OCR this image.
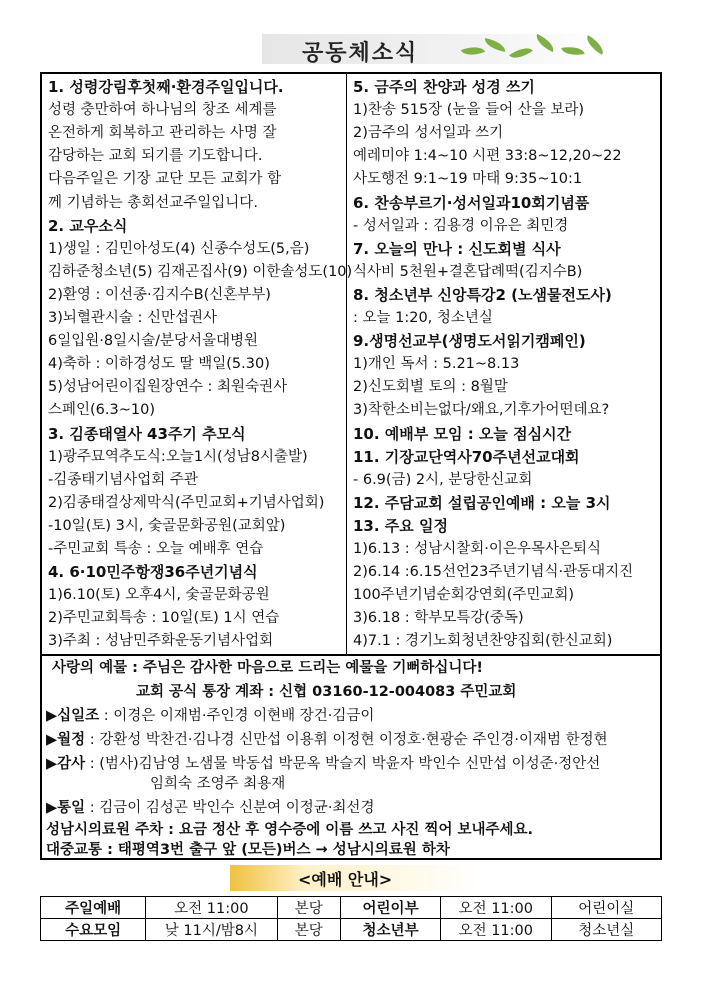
공동체소식
1. 성령강림후첫째·환경주일입니다.
성령 충만하여 하나님의 창조 세계를
온전하게 회복하고 관리하는 사명 잘
감당하는 교회 되기를 기도합니다.
다음주일은 기장 교단 모든 교회가 함
께 기념하는 총회선교주일입니다.
2. 교우소식
1)생일 : 김민아성도(4) 신종수성도(5,음)
김하준청소년(5) 김재곤집사(9) 이한솔성도(10)
2)환영 : 이선종·김지수B(신혼부부)
3)뇌혈관시술 : 신만섭권사
6일입원·8일시술/분당서울대병원
4)축하 : 이하경성도 딸 백일(5.30)
5)성남어린이집원장연수 : 최원숙권사
스페인(6.3~10)
3. 김종태열사 43주기 추모식
1)광주묘역추도식:오늘1시(성남8시출발)
-김종태기념사업회 주관
2)김종태걸상제막식(주민교회+기념사업회)
-10일(토) 3시, 숯골문화공원(교회앞)
-주민교회 특송 : 오늘 예배후 연습
4. 6·10민주항쟁36주년기념식
1)6.10(토) 오후4시, 숯골문화공원
2)주민교회특송 : 10일(토) 1시 연습
3)주최 : 성남민주화운동기념사업회
5. 금주의 찬양과 성경 쓰기
1)찬송 515장 (눈을 들어 산을 보라)
2)금주의 성서일과 쓰기
예레미야 1:4~10 시편 33:8~12,20~22
사도행전 9:1~19 마태 9:35~10:1
6. 찬송부르기·성서일과10회기념품
- 성서일과 : 김용경 이유은 최민경
7. 오늘의 만나 : 신도회별 식사
식사비 5천원+결혼답례떡(김지수B)
8. 청소년부 신앙특강2 (노샘물전도사)
: 오늘 1:20, 청소년실
9.생명선교부(생명도서읽기캠페인)
1)개인 독서 : 5.21~8.13
2)신도회별 토의 : 8월말
3)착한소비는없다/왜요,기후가어떤데요?
10. 예배부 모임 : 오늘 점심시간
11. 기장교단역사70주년선교대회
- 6.9(금) 2시, 분당한신교회
12. 주담교회 설립공인예배 : 오늘 3시
13. 주요 일정
1)6.13 : 성남시찰회·이은우목사은퇴식
2)6.14 :6.15선언23주년기념식·관동대지진
100주년기념순회강연회(주민교회)
3)6.18 : 학부모특강(중독)
4)7.1 : 경기노회청년찬양집회(한신교회)
사랑의 예물 : 주님은 감사한 마음으로 드리는 예물을 기뻐하십니다!
교회 공식 통장 계좌 : 신협 03160-12-004083 주민교회
▶십일조 : 이경은 이재범·주인경 이현배 장건·김금이
▶월정 : 강환성 박찬건·김나경 신만섭 이용휘 이정현 이정호·현광순 주인경·이재범 한정현
▶감사 : (범사)김남영 노샘물 박동섭 박문옥 박슬지 박윤자 박인수 신만섭 이성준·정안선
임희숙 조영주 최용재
▶통일 : 김금이 김성곤 박인수 신분여 이정균·최선경
성남시의료원 주차 : 요금 정산 후 영수증에 이름 쓰고 사진 찍어 보내주세요.
대중교통 : 태평역3번 출구 앞 (모든)버스 → 성남시의료원 하차
<예배 안내>
주일예배	오전 11:00	본당	어린이부	오전 11:00	어린이실
수요모임	낮 11시/밤8시	본당	청소년부	오전 11:00	청소년실
